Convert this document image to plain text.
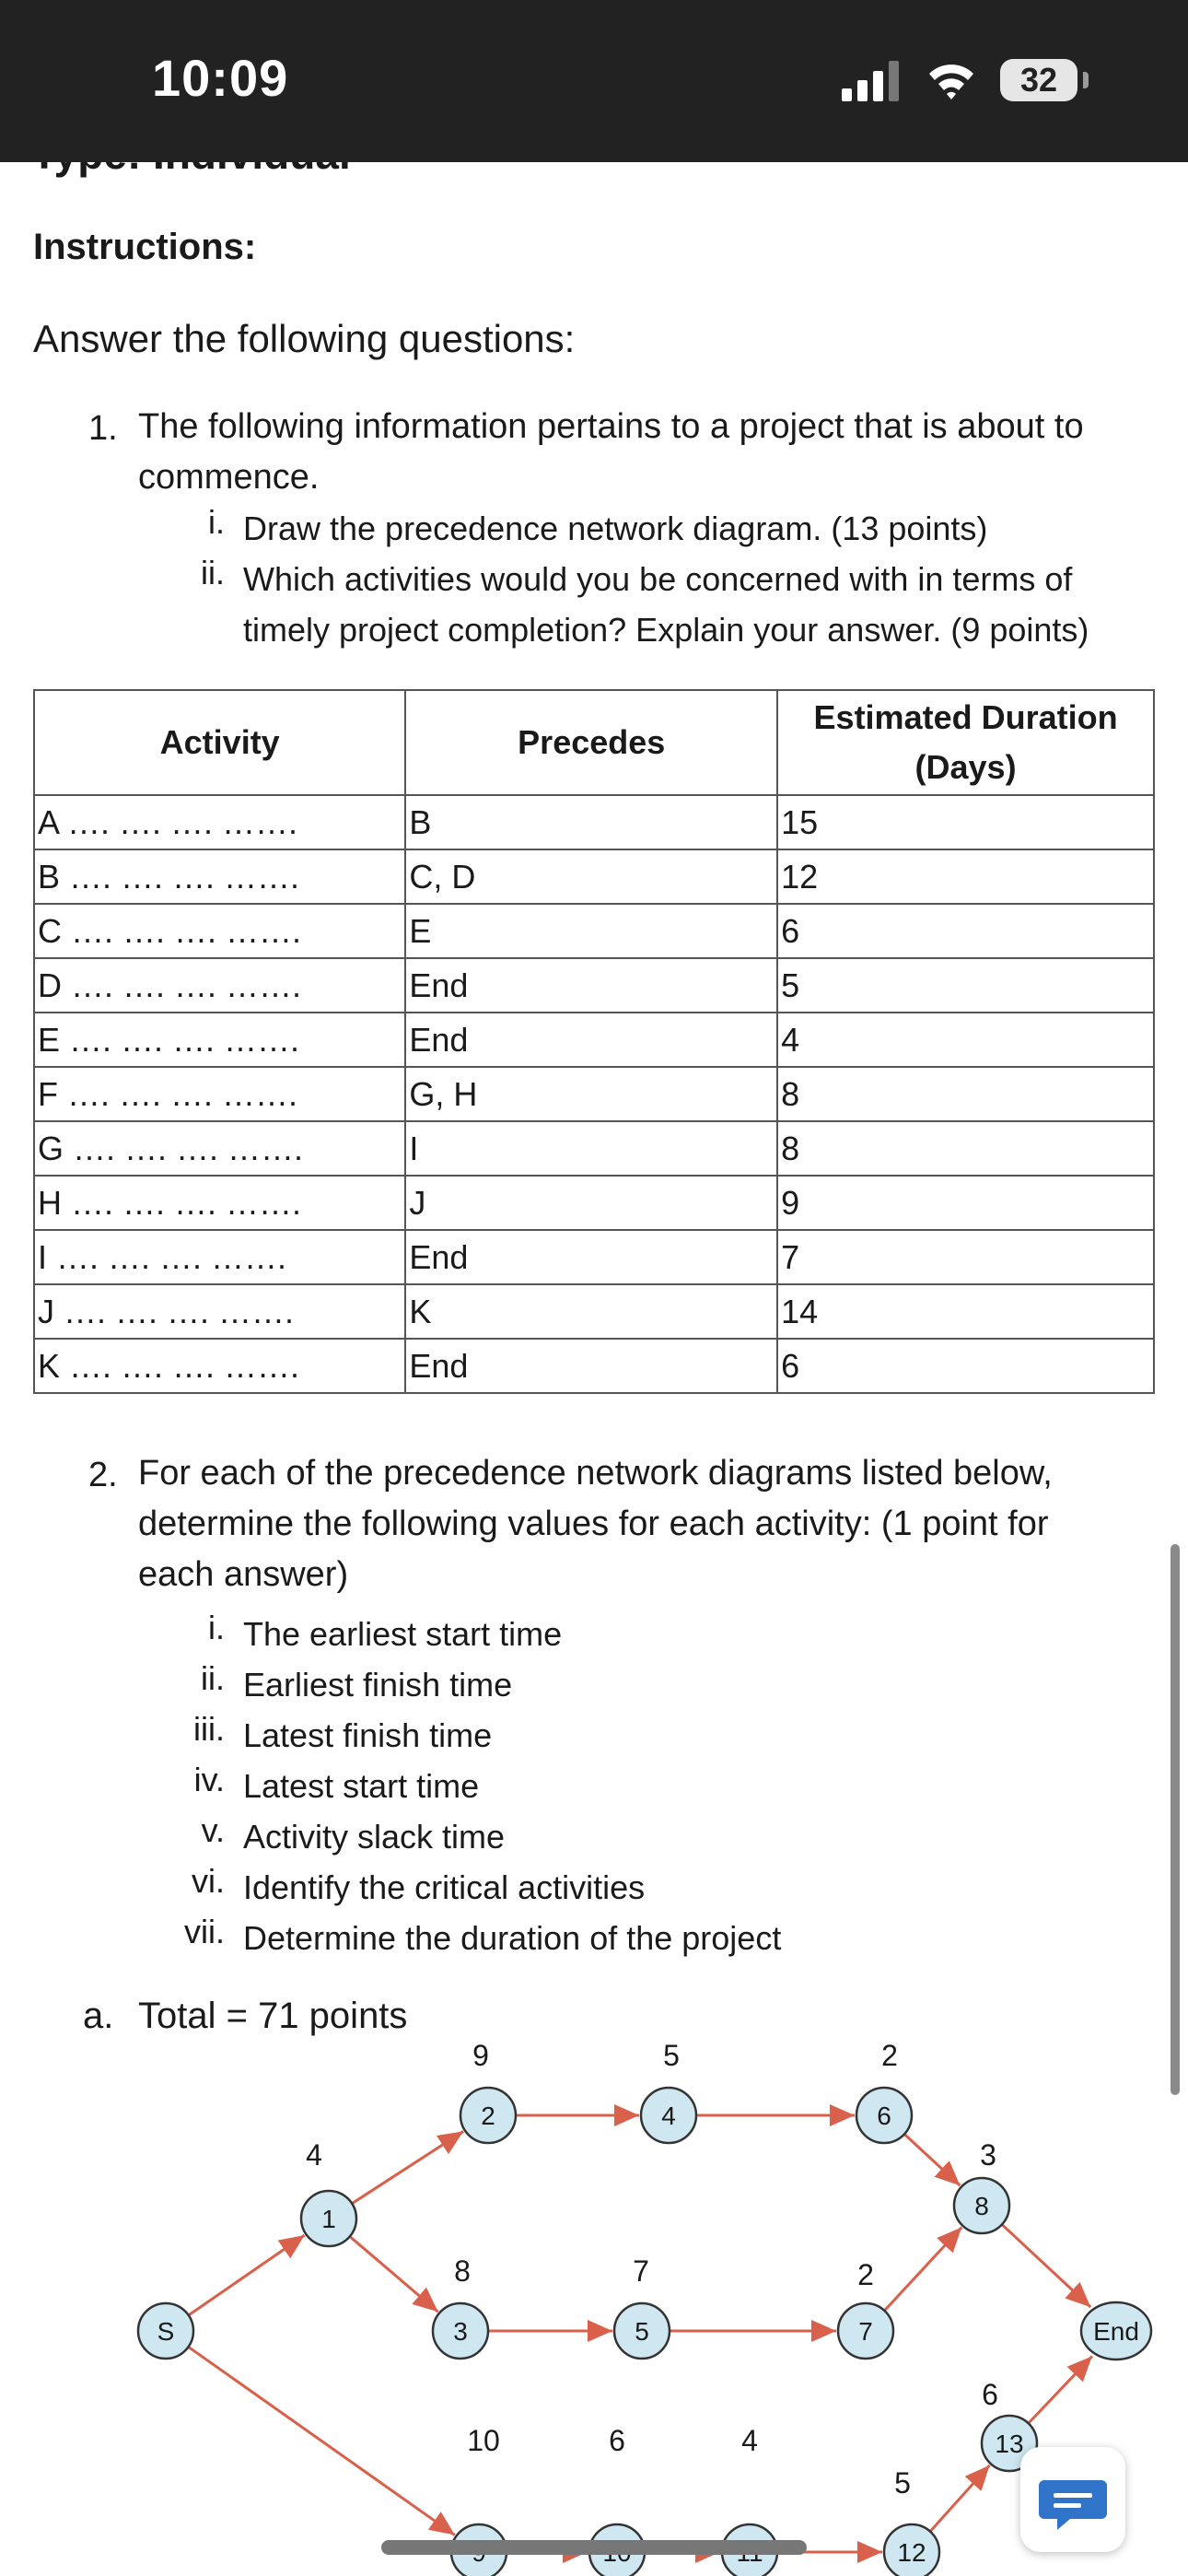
10:09	32
Instructions:
Answer the following questions:
1. The following information pertains to a project that is about to
commence.
i. Draw the precedence network diagram. (13 points)
ii. Which activities would you be concerned with in terms of
timely project completion? Explain your answer. (9 points)
Activity	Precedes	Estimated Duration (Days)
A …. …. …. …….	B	15
B …. …. …. …….	C, D	12
C …. …. …. …….	E	6
D …. …. …. …….	End	5
E …. …. …. …….	End	4
F …. …. …. …….	G, H	8
G …. …. …. …….	I	8
H …. …. …. …….	J	9
I …. …. …. …….	End	7
J …. …. …. …….	K	14
K …. …. …. …….	End	6
2. For each of the precedence network diagrams listed below,
determine the following values for each activity: (1 point for
each answer)
i. The earliest start time
ii. Earliest finish time
iii. Latest finish time
iv. Latest start time
v. Activity slack time
vi. Identify the critical activities
vii. Determine the duration of the project
a. Total = 71 points
S
1
2
3
4
5
6
7
8
12
13
End
4
9
8
5
7
2
2
3
10	6	4
5
6
